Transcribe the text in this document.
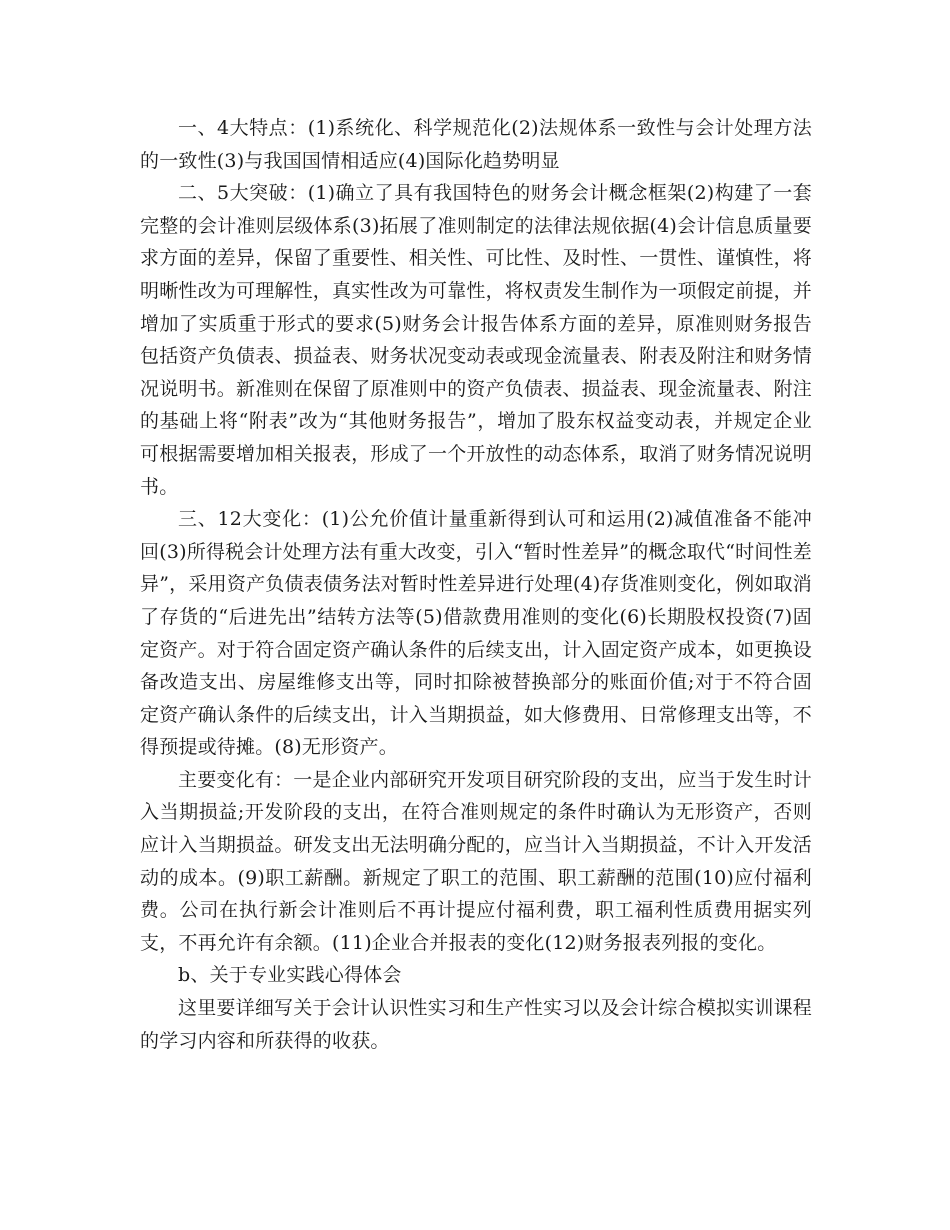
一、4大特点：(1)系统化、科学规范化(2)法规体系一致性与会计处理方法的一致性(3)与我国国情相适应(4)国际化趋势明显

二、5大突破：(1)确立了具有我国特色的财务会计概念框架(2)构建了一套完整的会计准则层级体系(3)拓展了准则制定的法律法规依据(4)会计信息质量要求方面的差异，保留了重要性、相关性、可比性、及时性、一贯性、谨慎性，将明晰性改为可理解性，真实性改为可靠性，将权责发生制作为一项假定前提，并增加了实质重于形式的要求(5)财务会计报告体系方面的差异，原准则财务报告包括资产负债表、损益表、财务状况变动表或现金流量表、附表及附注和财务情况说明书。新准则在保留了原准则中的资产负债表、损益表、现金流量表、附注的基础上将“附表”改为“其他财务报告”，增加了股东权益变动表，并规定企业可根据需要增加相关报表，形成了一个开放性的动态体系，取消了财务情况说明书。

三、12大变化：(1)公允价值计量重新得到认可和运用(2)减值准备不能冲回(3)所得税会计处理方法有重大改变，引入“暂时性差异”的概念取代“时间性差异”，采用资产负债表债务法对暂时性差异进行处理(4)存货准则变化，例如取消了存货的“后进先出”结转方法等(5)借款费用准则的变化(6)长期股权投资(7)固定资产。对于符合固定资产确认条件的后续支出，计入固定资产成本，如更换设备改造支出、房屋维修支出等，同时扣除被替换部分的账面价值;对于不符合固定资产确认条件的后续支出，计入当期损益，如大修费用、日常修理支出等，不得预提或待摊。(8)无形资产。

主要变化有：一是企业内部研究开发项目研究阶段的支出，应当于发生时计入当期损益;开发阶段的支出，在符合准则规定的条件时确认为无形资产，否则应计入当期损益。研发支出无法明确分配的，应当计入当期损益，不计入开发活动的成本。(9)职工薪酬。新规定了职工的范围、职工薪酬的范围(10)应付福利费。公司在执行新会计准则后不再计提应付福利费，职工福利性质费用据实列支，不再允许有余额。(11)企业合并报表的变化(12)财务报表列报的变化。

b、关于专业实践心得体会

这里要详细写关于会计认识性实习和生产性实习以及会计综合模拟实训课程的学习内容和所获得的收获。
